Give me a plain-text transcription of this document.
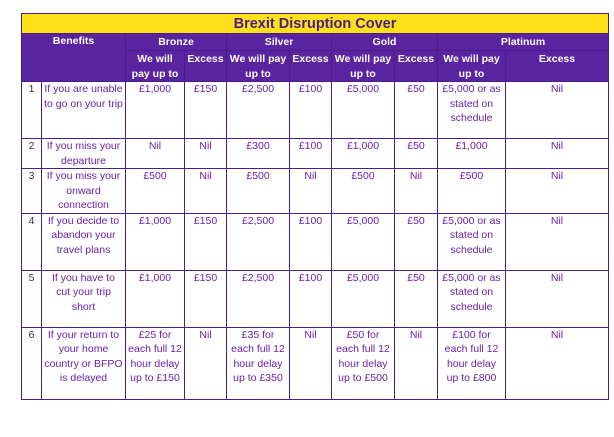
Brexit Disruption Cover									
Benefits		Bronze		Silver		Gold		Platinum	
		We will pay up to	Excess	We will pay up to	Excess	We will pay up to	Excess	We will pay up to	Excess
1	If you are unable to go on your trip	£1,000	£150	£2,500	£100	£5,000	£50	£5,000 or as stated on schedule	Nil
2	If you miss your departure	Nil	Nil	£300	£100	£1,000	£50	£1,000	Nil
3	If you miss your onward connection	£500	Nil	£500	Nil	£500	Nil	£500	Nil
4	If you decide to abandon your travel plans	£1,000	£150	£2,500	£100	£5,000	£50	£5,000 or as stated on schedule	Nil
5	If you have to cut your trip short	£1,000	£150	£2,500	£100	£5,000	£50	£5,000 or as stated on schedule	Nil
6	If your return to your home country or BFPO is delayed	£25 for each full 12 hour delay up to £150	Nil	£35 for each full 12 hour delay up to £350	Nil	£50 for each full 12 hour delay up to £500	Nil	£100 for each full 12 hour delay up to £800	Nil
